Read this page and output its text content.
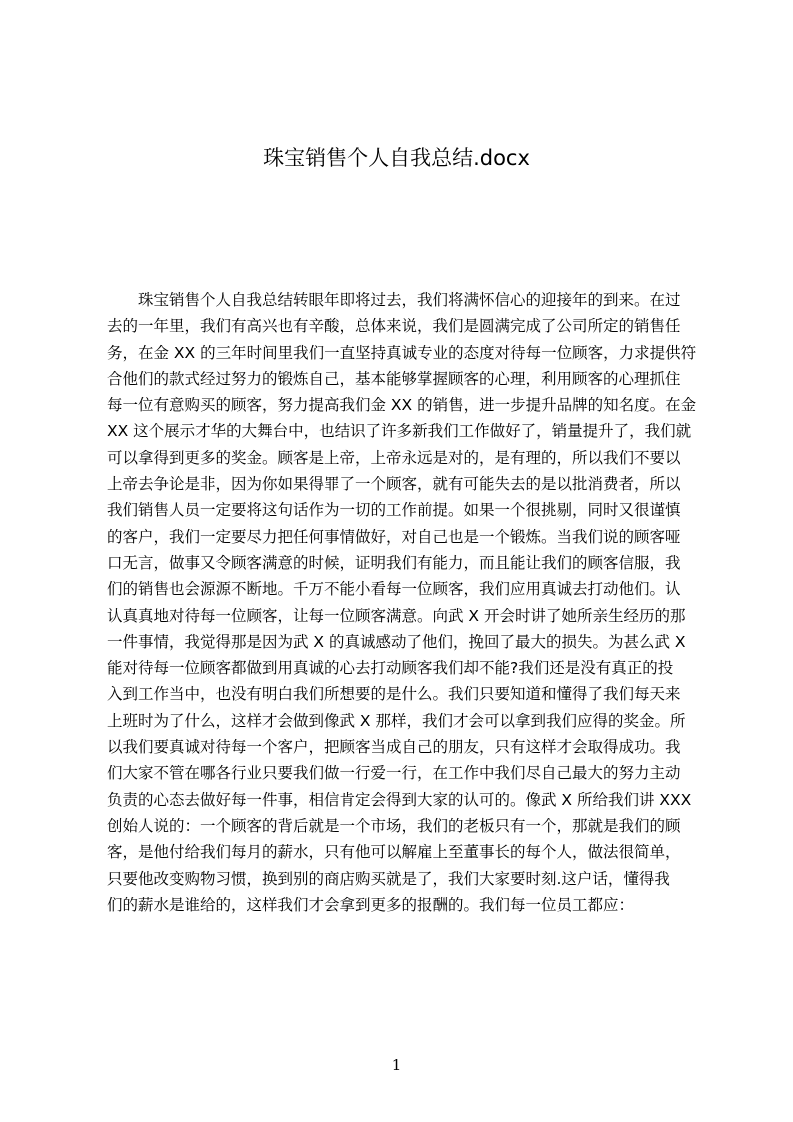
珠宝销售个人自我总结.docx
珠宝销售个人自我总结转眼年即将过去，我们将满怀信心的迎接年的到来。在过
去的一年里，我们有高兴也有辛酸，总体来说，我们是圆满完成了公司所定的销售任
务，在金 XX 的三年时间里我们一直坚持真诚专业的态度对待每一位顾客，力求提供符
合他们的款式经过努力的锻炼自己，基本能够掌握顾客的心理，利用顾客的心理抓住
每一位有意购买的顾客，努力提高我们金 XX 的销售，进一步提升品牌的知名度。在金
XX 这个展示才华的大舞台中，也结识了许多新我们工作做好了，销量提升了，我们就
可以拿得到更多的奖金。顾客是上帝，上帝永远是对的，是有理的，所以我们不要以
上帝去争论是非，因为你如果得罪了一个顾客，就有可能失去的是以批消费者，所以
我们销售人员一定要将这句话作为一切的工作前提。如果一个很挑剔，同时又很谨慎
的客户，我们一定要尽力把任何事情做好，对自己也是一个锻炼。当我们说的顾客哑
口无言，做事又令顾客满意的时候，证明我们有能力，而且能让我们的顾客信服，我
们的销售也会源源不断地。千万不能小看每一位顾客，我们应用真诚去打动他们。认
认真真地对待每一位顾客，让每一位顾客满意。向武 X 开会时讲了她所亲生经历的那
一件事情，我觉得那是因为武 X 的真诚感动了他们，挽回了最大的损失。为甚么武 X
能对待每一位顾客都做到用真诚的心去打动顾客我们却不能?我们还是没有真正的投
入到工作当中，也没有明白我们所想要的是什么。我们只要知道和懂得了我们每天来
上班时为了什么，这样才会做到像武 X 那样，我们才会可以拿到我们应得的奖金。所
以我们要真诚对待每一个客户，把顾客当成自己的朋友，只有这样才会取得成功。我
们大家不管在哪各行业只要我们做一行爱一行，在工作中我们尽自己最大的努力主动
负责的心态去做好每一件事，相信肯定会得到大家的认可的。像武 X 所给我们讲 XXX
创始人说的：一个顾客的背后就是一个市场，我们的老板只有一个，那就是我们的顾
客，是他付给我们每月的薪水，只有他可以解雇上至董事长的每个人，做法很简单，
只要他改变购物习惯，换到别的商店购买就是了，我们大家要时刻.这户话，懂得我
们的薪水是谁给的，这样我们才会拿到更多的报酬的。我们每一位员工都应：
1
